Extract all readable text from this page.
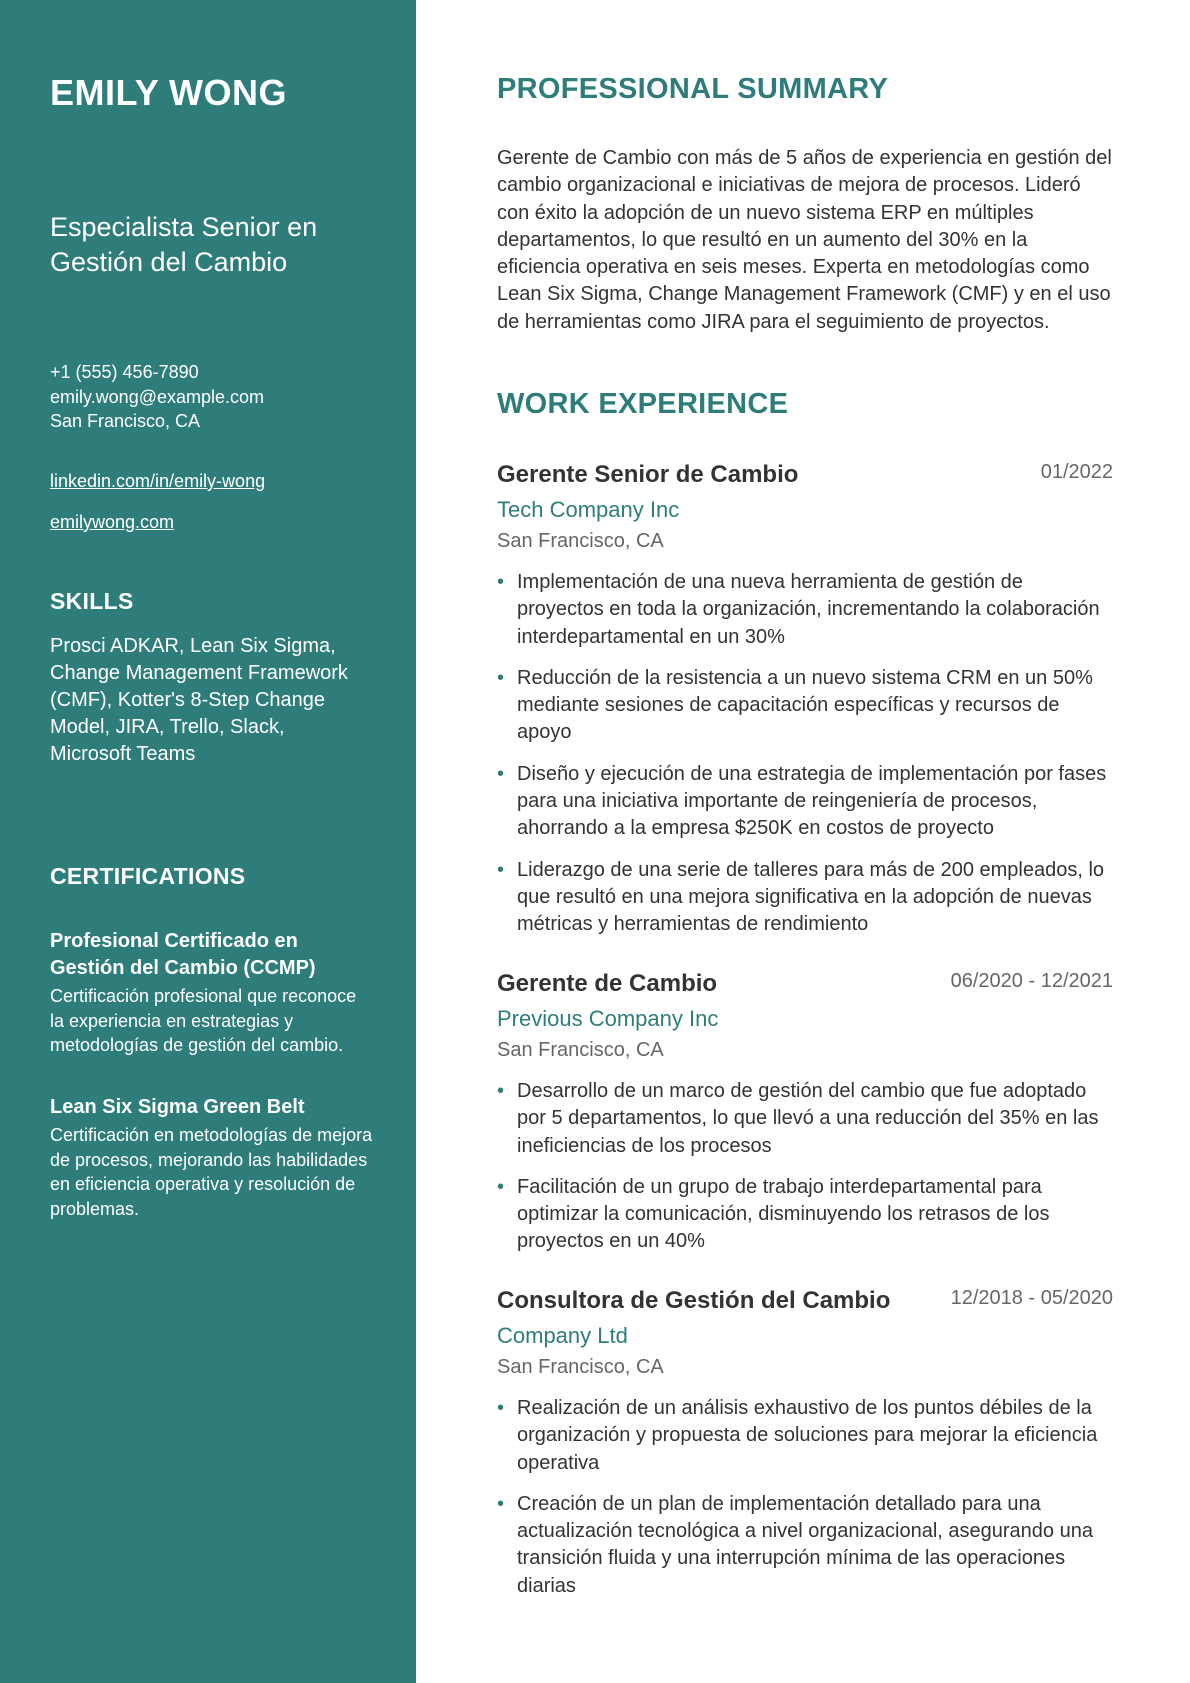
EMILY WONG

Especialista Senior en Gestión del Cambio

+1 (555) 456-7890
emily.wong@example.com
San Francisco, CA
linkedin.com/in/emily-wong
emilywong.com
SKILLS
Prosci ADKAR, Lean Six Sigma, Change Management Framework (CMF), Kotter's 8-Step Change Model, JIRA, Trello, Slack, Microsoft Teams
CERTIFICATIONS
Profesional Certificado en Gestión del Cambio (CCMP)
Certificación profesional que reconoce la experiencia en estrategias y metodologías de gestión del cambio.
Lean Six Sigma Green Belt
Certificación en metodologías de mejora de procesos, mejorando las habilidades en eficiencia operativa y resolución de problemas.
PROFESSIONAL SUMMARY
Gerente de Cambio con más de 5 años de experiencia en gestión del cambio organizacional e iniciativas de mejora de procesos. Lideró con éxito la adopción de un nuevo sistema ERP en múltiples departamentos, lo que resultó en un aumento del 30% en la eficiencia operativa en seis meses. Experta en metodologías como Lean Six Sigma, Change Management Framework (CMF) y en el uso de herramientas como JIRA para el seguimiento de proyectos.
WORK EXPERIENCE
Gerente Senior de Cambio	01/2022
Tech Company Inc
San Francisco, CA
• Implementación de una nueva herramienta de gestión de proyectos en toda la organización, incrementando la colaboración interdepartamental en un 30%
• Reducción de la resistencia a un nuevo sistema CRM en un 50% mediante sesiones de capacitación específicas y recursos de apoyo
• Diseño y ejecución de una estrategia de implementación por fases para una iniciativa importante de reingeniería de procesos, ahorrando a la empresa $250K en costos de proyecto
• Liderazgo de una serie de talleres para más de 200 empleados, lo que resultó en una mejora significativa en la adopción de nuevas métricas y herramientas de rendimiento
Gerente de Cambio	06/2020 - 12/2021
Previous Company Inc
San Francisco, CA
• Desarrollo de un marco de gestión del cambio que fue adoptado por 5 departamentos, lo que llevó a una reducción del 35% en las ineficiencias de los procesos
• Facilitación de un grupo de trabajo interdepartamental para optimizar la comunicación, disminuyendo los retrasos de los proyectos en un 40%
Consultora de Gestión del Cambio	12/2018 - 05/2020
Company Ltd
San Francisco, CA
• Realización de un análisis exhaustivo de los puntos débiles de la organización y propuesta de soluciones para mejorar la eficiencia operativa
• Creación de un plan de implementación detallado para una actualización tecnológica a nivel organizacional, asegurando una transición fluida y una interrupción mínima de las operaciones diarias
